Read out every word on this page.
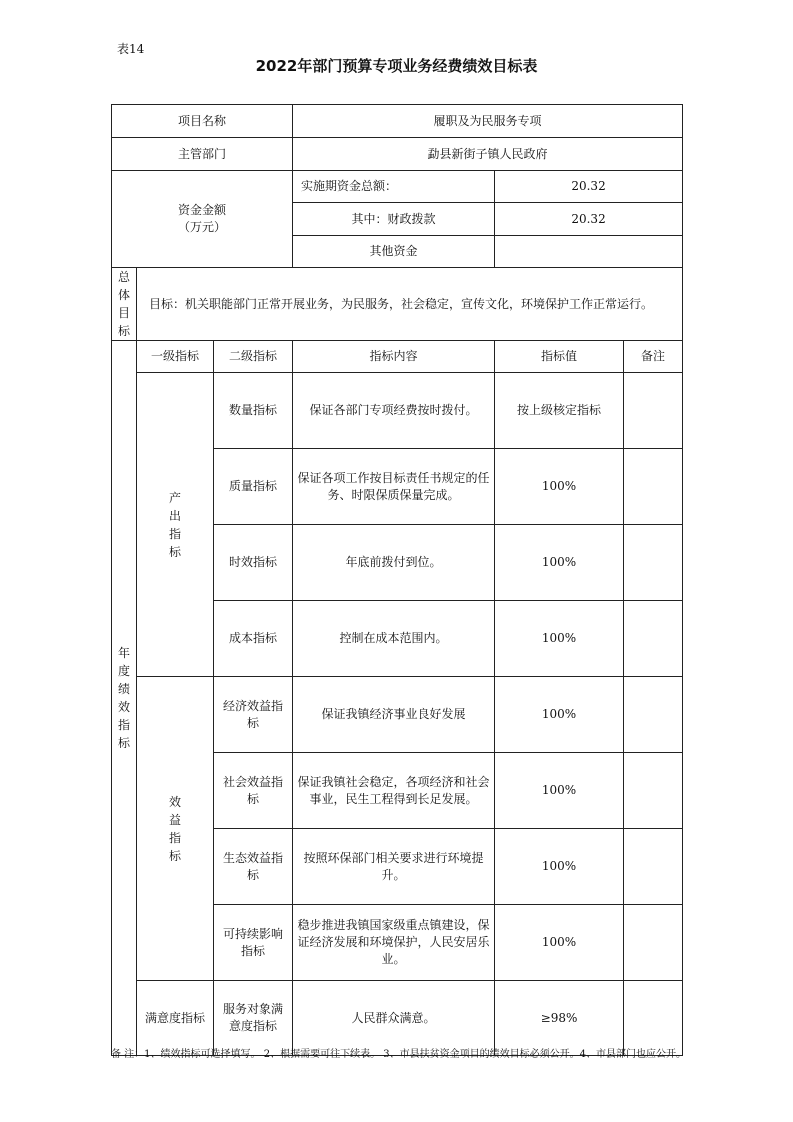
表14
2022年部门预算专项业务经费绩效目标表
项目名称			履职及为民服务专项		
主管部门			勐县新街子镇人民政府		

资金金额
（万元）			实施期资金总额：	20.32	
			其中：财政拨款	20.32	
			其他资金		

总体目标	目标：机关职能部门正常开展业务，为民服务，社会稳定，宣传文化，环境保护工作正常运行。				

年度绩效指标	一级指标	二级指标	指标内容	指标值	备注

	产出指标	数量指标	保证各部门专项经费按时拨付。	按上级核定指标	
		质量指标	保证各项工作按目标责任书规定的任务、时限保质保量完成。	100%	
		时效指标	年底前拨付到位。	100%	
		成本指标	控制在成本范围内。	100%	

	效益指标	经济效益指标	保证我镇经济事业良好发展	100%	
		社会效益指标	保证我镇社会稳定，各项经济和社会事业，民生工程得到长足发展。	100%	
		生态效益指标	按照环保部门相关要求进行环境提升。	100%	
		可持续影响指标	稳步推进我镇国家级重点镇建设，保证经济发展和环境保护，人民安居乐业。	100%	
	满意度指标	服务对象满意度指标	人民群众满意。	≥98%	
备 注：1、绩效指标可选择填写。 2、根据需要可往下续表。 3、市县扶贫资金项目的绩效目标必须公开。4、市县部门也应公开。
